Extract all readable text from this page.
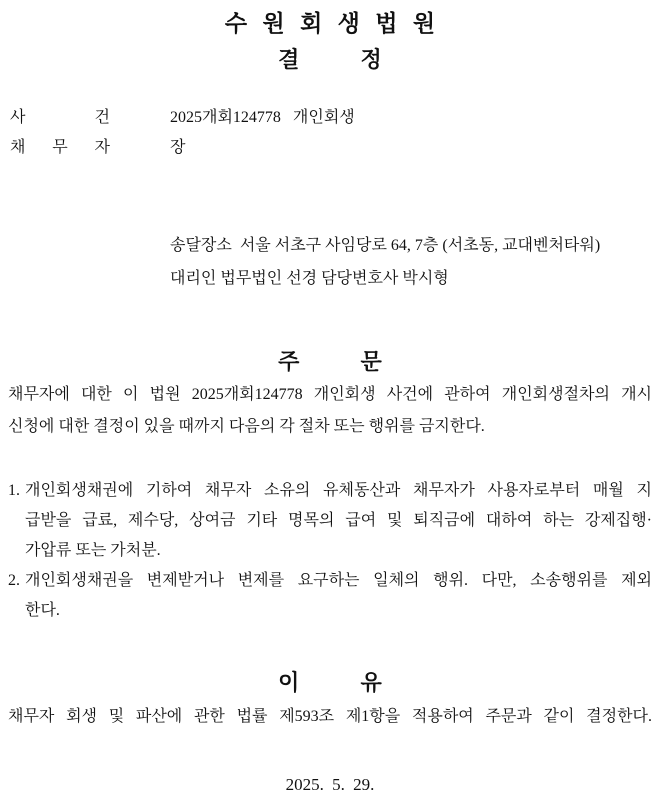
수 원 회 생 법 원
결          정
사	건	2025개회124778   개인회생
채 무 자	장
송달장소  서울 서초구 사임당로 64, 7층 (서초동, 교대벤처타워)
대리인 법무법인 선경 담당변호사 박시형
주          문
채무자에 대한 이 법원 2025개회124778 개인회생 사건에 관하여 개인회생절차의 개시
신청에 대한 결정이 있을 때까지 다음의 각 절차 또는 행위를 금지한다.
1. 개인회생채권에 기하여 채무자 소유의 유체동산과 채무자가 사용자로부터 매월 지
급받을 급료, 제수당, 상여금 기타 명목의 급여 및 퇴직금에 대하여 하는 강제집행·
가압류 또는 가처분.
2. 개인회생채권을 변제받거나 변제를 요구하는 일체의 행위. 다만, 소송행위를 제외
한다.
이          유
채무자 회생 및 파산에 관한 법률 제593조 제1항을 적용하여 주문과 같이 결정한다.
2025. 5. 29.
